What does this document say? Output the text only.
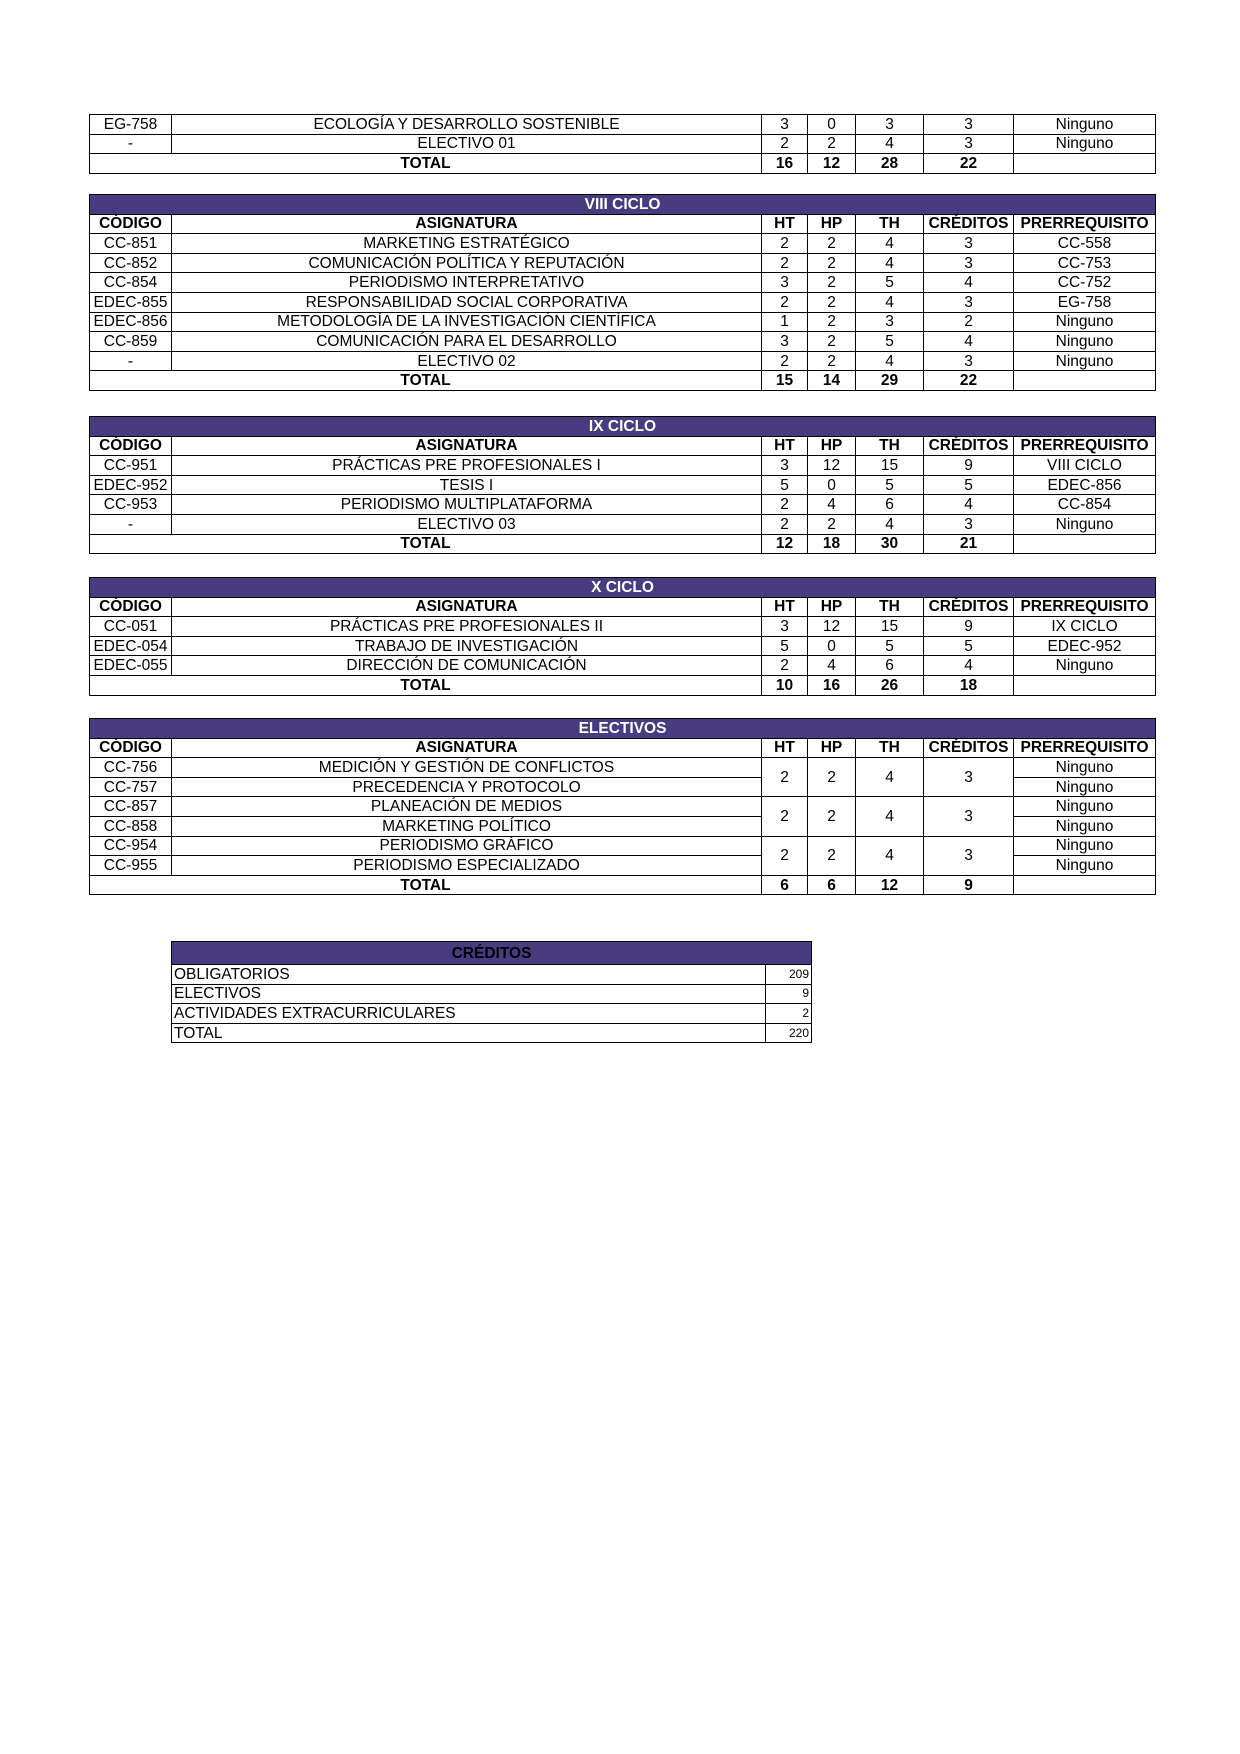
EG-758	ECOLOGÍA Y DESARROLLO SOSTENIBLE	3	0	3	3	Ninguno
-	ELECTIVO 01	2	2	4	3	Ninguno
TOTAL		16	12	28	22	
VIII CICLO						
CÓDIGO	ASIGNATURA	HT	HP	TH	CRÉDITOS	PRERREQUISITO
CC-851	MARKETING ESTRATÉGICO	2	2	4	3	CC-558
CC-852	COMUNICACIÓN POLÍTICA Y REPUTACIÓN	2	2	4	3	CC-753
CC-854	PERIODISMO INTERPRETATIVO	3	2	5	4	CC-752
EDEC-855	RESPONSABILIDAD SOCIAL CORPORATIVA	2	2	4	3	EG-758
EDEC-856	METODOLOGÍA DE LA INVESTIGACIÓN CIENTÍFICA	1	2	3	2	Ninguno
CC-859	COMUNICACIÓN PARA EL DESARROLLO	3	2	5	4	Ninguno
-	ELECTIVO 02	2	2	4	3	Ninguno
TOTAL		15	14	29	22	
IX CICLO						
CÓDIGO	ASIGNATURA	HT	HP	TH	CRÉDITOS	PRERREQUISITO
CC-951	PRÁCTICAS PRE PROFESIONALES I	3	12	15	9	VIII CICLO
EDEC-952	TESIS I	5	0	5	5	EDEC-856
CC-953	PERIODISMO MULTIPLATAFORMA	2	4	6	4	CC-854
-	ELECTIVO 03	2	2	4	3	Ninguno
TOTAL		12	18	30	21	
X CICLO						
CÓDIGO	ASIGNATURA	HT	HP	TH	CRÉDITOS	PRERREQUISITO
CC-051	PRÁCTICAS PRE PROFESIONALES II	3	12	15	9	IX CICLO
EDEC-054	TRABAJO DE INVESTIGACIÓN	5	0	5	5	EDEC-952
EDEC-055	DIRECCIÓN DE COMUNICACIÓN	2	4	6	4	Ninguno
TOTAL		10	16	26	18	
ELECTIVOS						
CÓDIGO	ASIGNATURA	HT	HP	TH	CRÉDITOS	PRERREQUISITO
CC-756	MEDICIÓN Y GESTIÓN DE CONFLICTOS	2	2	4	3	Ninguno
CC-757	PRECEDENCIA Y PROTOCOLO					Ninguno
CC-857	PLANEACIÓN DE MEDIOS	2	2	4	3	Ninguno
CC-858	MARKETING POLÍTICO					Ninguno
CC-954	PERIODISMO GRÁFICO	2	2	4	3	Ninguno
CC-955	PERIODISMO ESPECIALIZADO					Ninguno
TOTAL		6	6	12	9	
CRÉDITOS	
OBLIGATORIOS	209
ELECTIVOS	9
ACTIVIDADES EXTRACURRICULARES	2
TOTAL	220
